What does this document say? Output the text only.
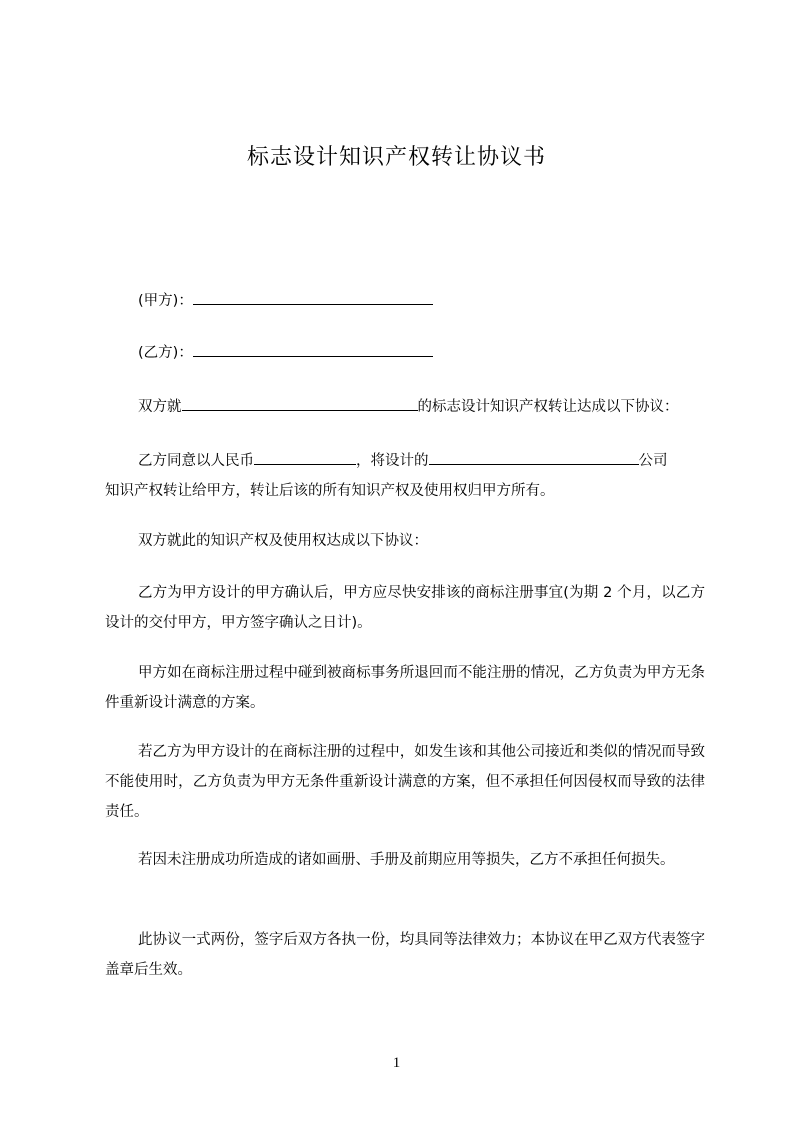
标志设计知识产权转让协议书
(甲方)：
(乙方)：
双方就	的标志设计知识产权转让达成以下协议：
乙方同意以人民币	，将设计的	公司
知识产权转让给甲方，转让后该的所有知识产权及使用权归甲方所有。
双方就此的知识产权及使用权达成以下协议：
乙方为甲方设计的甲方确认后，甲方应尽快安排该的商标注册事宜(为期 2 个月，以乙方设计的交付甲方，甲方签字确认之日计)。
甲方如在商标注册过程中碰到被商标事务所退回而不能注册的情况，乙方负责为甲方无条件重新设计满意的方案。
若乙方为甲方设计的在商标注册的过程中，如发生该和其他公司接近和类似的情况而导致不能使用时，乙方负责为甲方无条件重新设计满意的方案，但不承担任何因侵权而导致的法律责任。
若因未注册成功所造成的诸如画册、手册及前期应用等损失，乙方不承担任何损失。
此协议一式两份，签字后双方各执一份，均具同等法律效力；本协议在甲乙双方代表签字盖章后生效。
1
